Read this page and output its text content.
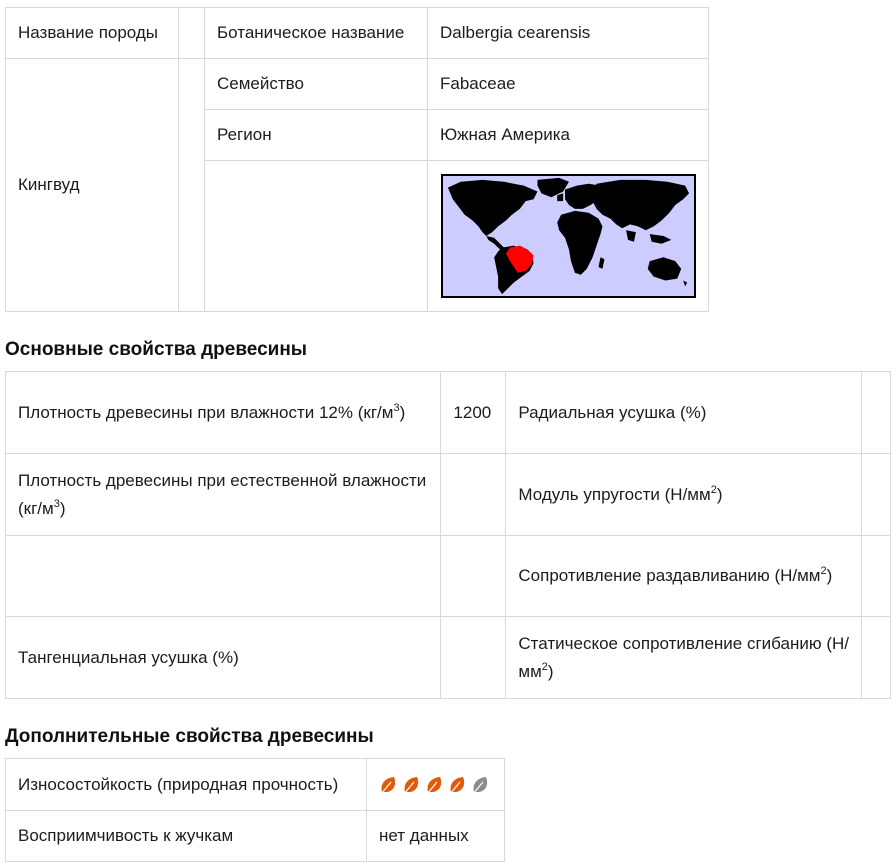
Название породы		Ботаническое название	Dalbergia cearensis
Кингвуд		Семейство	Fabaceae
		Регион	Южная Америка

Основные свойства древесины
Плотность древесины при влажности 12% $(кг/м^3)$	1200	Радиальная усушка (%)	
Плотность древесины при естественной влажности $(кг/м^3)$		Модуль упругости $(Н/мм^2)$	
		Сопротивление раздавливанию $(Н/мм^2)$	
Тангенциальная усушка (%)		Статическое сопротивление сгибанию $(Н/мм^2)$	
Дополнительные свойства древесины
Износостойкость (природная прочность)	

Восприимчивость к жучкам	нет данных
